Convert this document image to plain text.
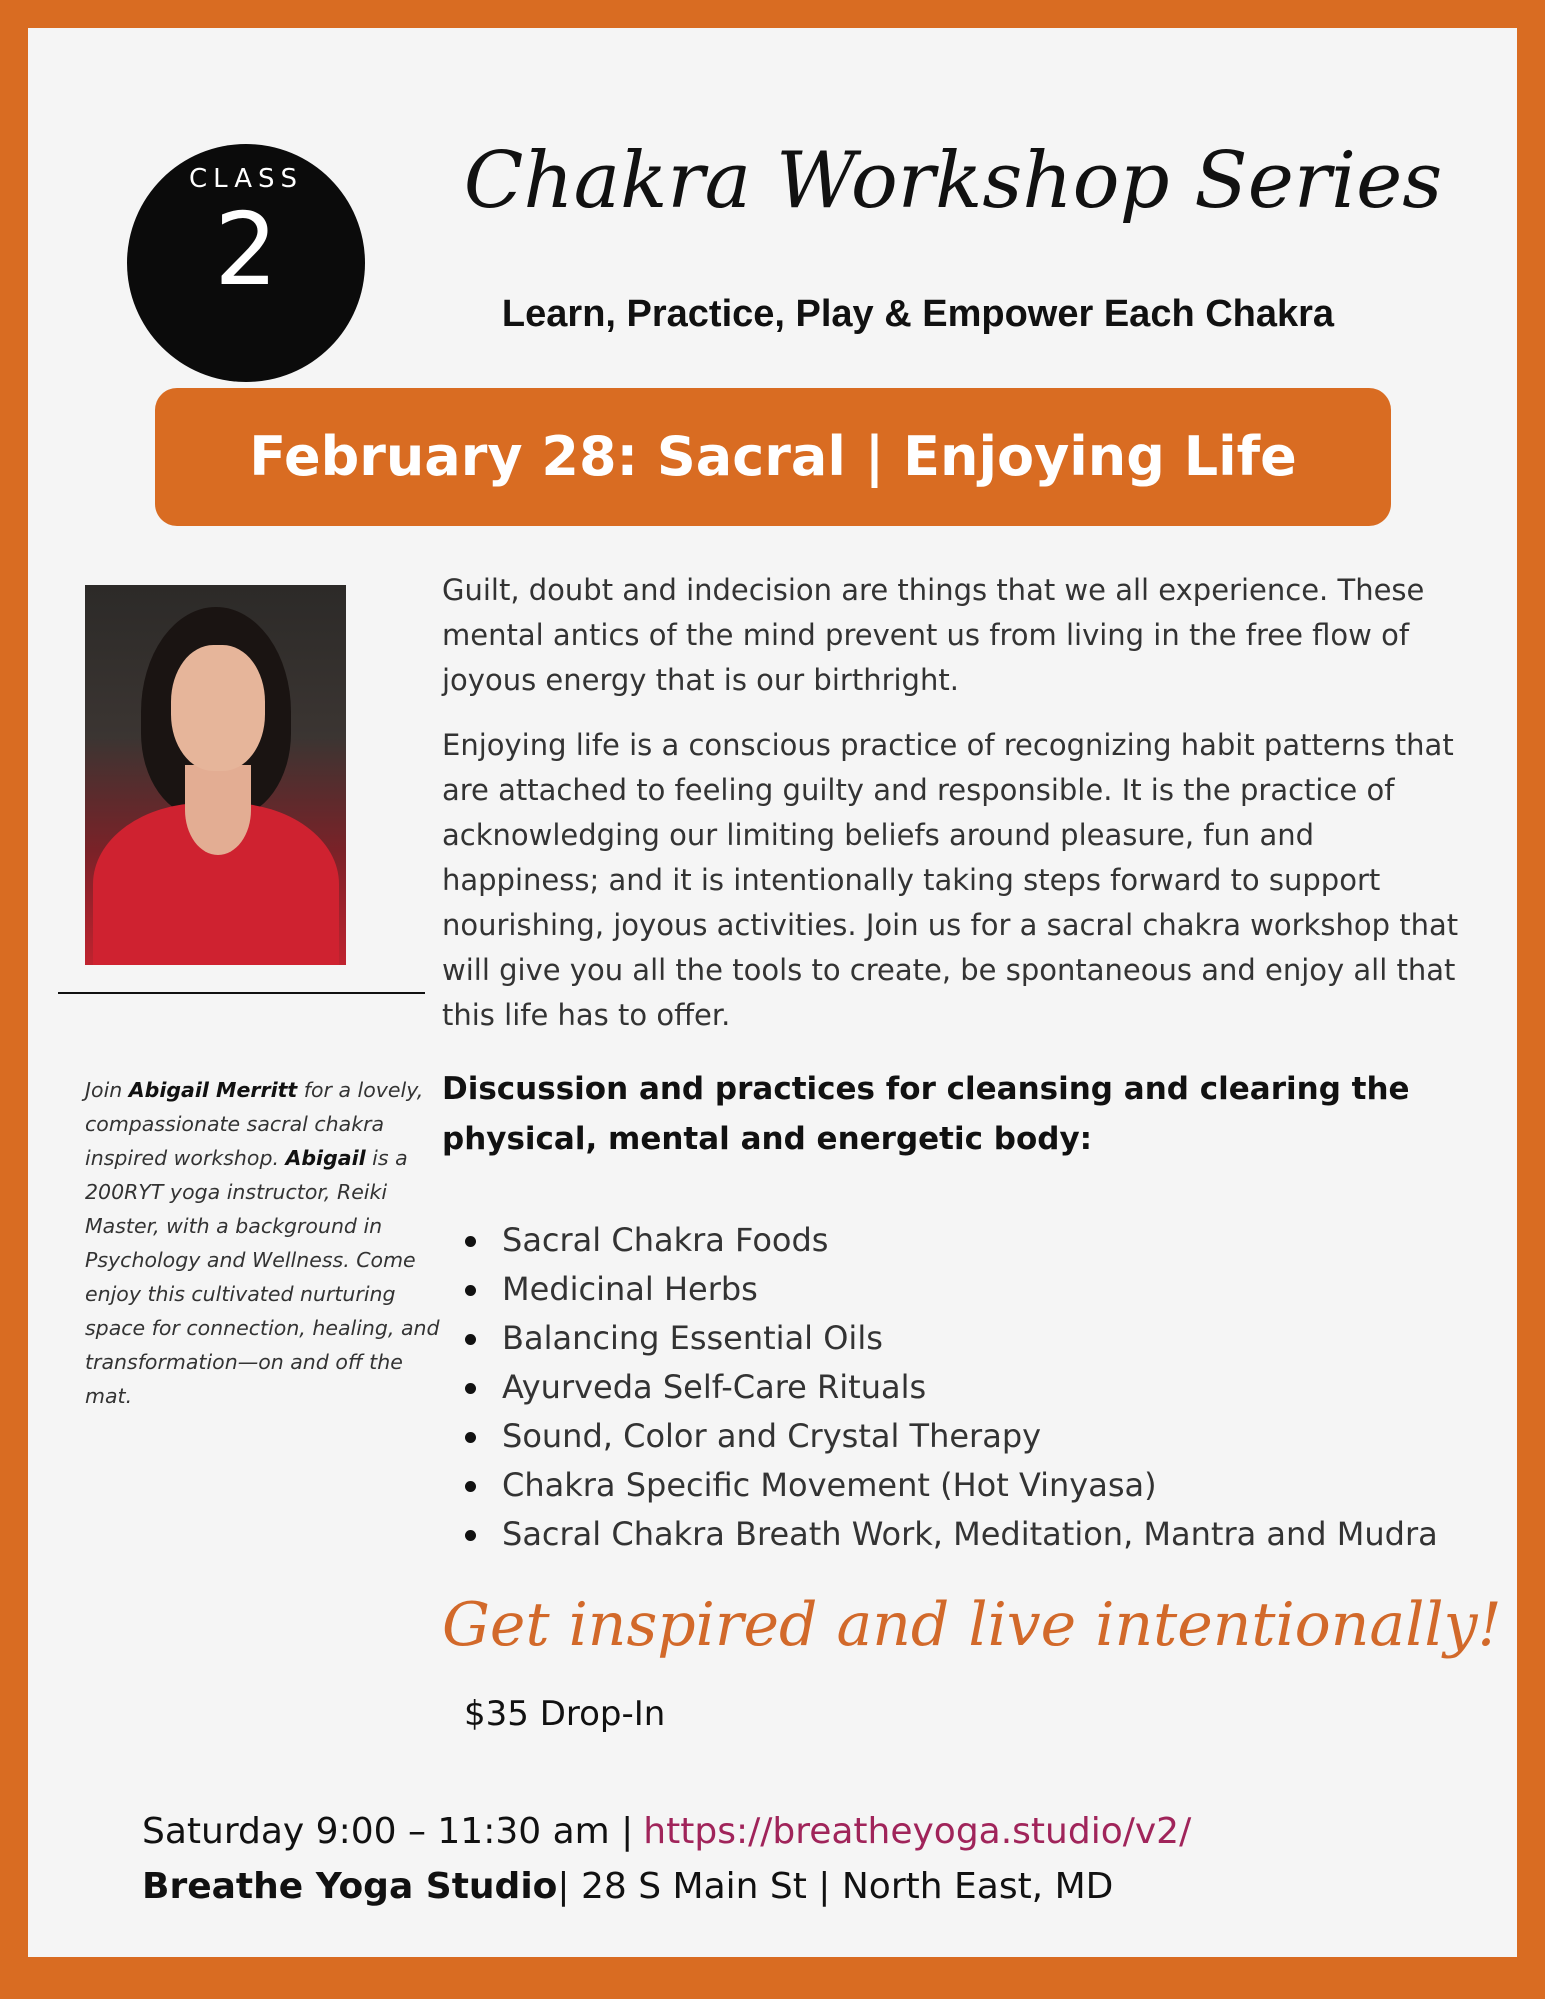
CLASS
2
Chakra Workshop Series
Learn, Practice, Play & Empower Each Chakra
February 28: Sacral | Enjoying Life
Join Abigail Merritt for a lovely, compassionate sacral chakra inspired workshop. Abigail is a 200RYT yoga instructor, Reiki Master, with a background in Psychology and Wellness. Come enjoy this cultivated nurturing space for connection, healing, and transformation—on and off the mat.

Guilt, doubt and indecision are things that we all experience. These mental antics of the mind prevent us from living in the free flow of joyous energy that is our birthright.

Enjoying life is a conscious practice of recognizing habit patterns that are attached to feeling guilty and responsible. It is the practice of acknowledging our limiting beliefs around pleasure, fun and happiness; and it is intentionally taking steps forward to support nourishing, joyous activities. Join us for a sacral chakra workshop that will give you all the tools to create, be spontaneous and enjoy all that this life has to offer.

Discussion and practices for cleansing and clearing the physical, mental and energetic body:
Sacral Chakra Foods
Medicinal Herbs
Balancing Essential Oils
Ayurveda Self-Care Rituals
Sound, Color and Crystal Therapy
Chakra Specific Movement (Hot Vinyasa)
Sacral Chakra Breath Work, Meditation, Mantra and Mudra
Get inspired and live intentionally!
$35 Drop-In
Saturday 9:00 – 11:30 am | https://breatheyoga.studio/v2/
Breathe Yoga Studio| 28 S Main St | North East, MD
